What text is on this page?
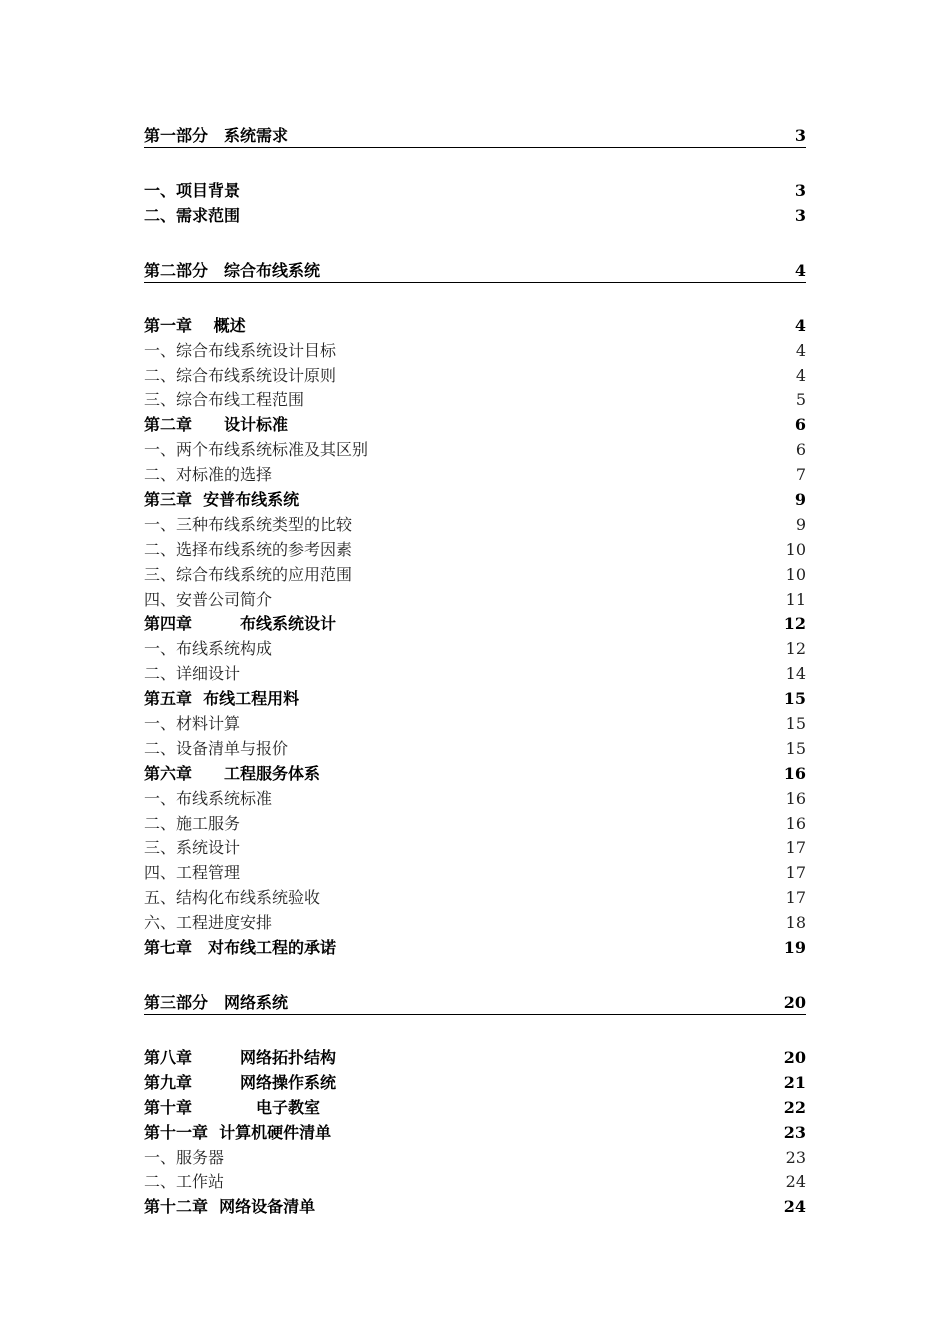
第一部分　系统需求	3
一、项目背景	3
二、需求范围	3
第二部分　综合布线系统	4
第一章　 概述	4
一、综合布线系统设计目标	4
二、综合布线系统设计原则	4
三、综合布线工程范围	5
第二章　　设计标准	6
一、两个布线系统标准及其区别	6
二、对标准的选择	7
第三章  安普布线系统	9
一、三种布线系统类型的比较	9
二、选择布线系统的参考因素	10
三、综合布线系统的应用范围	10
四、安普公司简介	11
第四章　　　布线系统设计	12
一、布线系统构成	12
二、详细设计	14
第五章  布线工程用料	15
一、材料计算	15
二、设备清单与报价	15
第六章　　工程服务体系	16
一、布线系统标准	16
二、施工服务	16
三、系统设计	17
四、工程管理	17
五、结构化布线系统验收	17
六、工程进度安排	18
第七章　对布线工程的承诺	19
第三部分　网络系统	20
第八章　　　网络拓扑结构	20
第九章　　　网络操作系统	21
第十章　　　　电子教室	22
第十一章  计算机硬件清单	23
一、服务器	23
二、工作站	24
第十二章  网络设备清单	24
